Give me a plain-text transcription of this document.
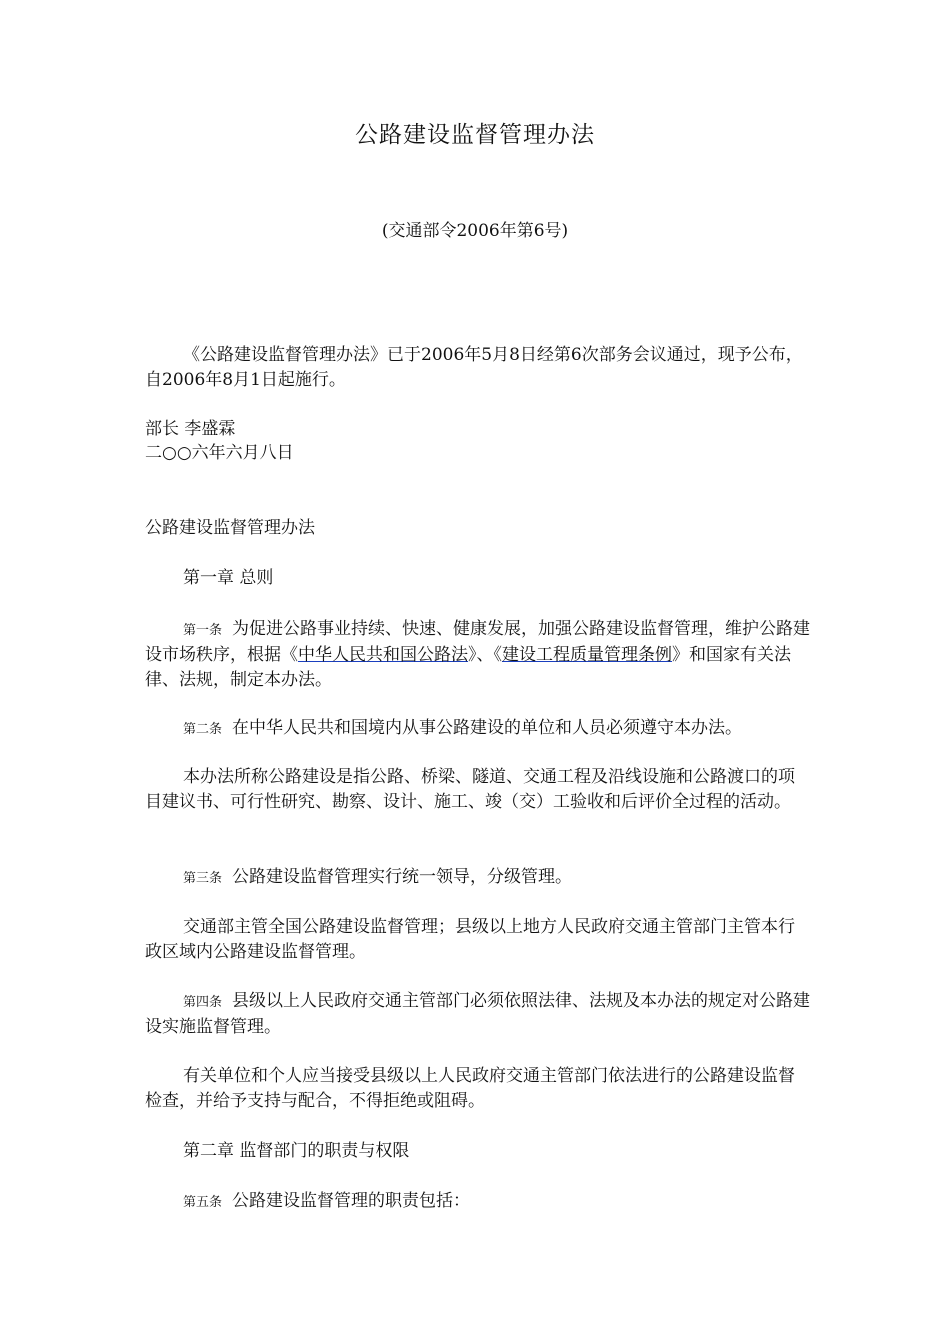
公路建设监督管理办法
(交通部令2006年第6号)

《公路建设监督管理办法》已于2006年5月8日经第6次部务会议通过，现予公布，自2006年8月1日起施行。

部长 李盛霖

二○○六年六月八日

公路建设监督管理办法

第一章 总则

第一条 为促进公路事业持续、快速、健康发展，加强公路建设监督管理，维护公路建设市场秩序，根据《中华人民共和国公路法》、《建设工程质量管理条例》和国家有关法律、法规，制定本办法。

第二条 在中华人民共和国境内从事公路建设的单位和人员必须遵守本办法。

本办法所称公路建设是指公路、桥梁、隧道、交通工程及沿线设施和公路渡口的项目建议书、可行性研究、勘察、设计、施工、竣（交）工验收和后评价全过程的活动。

第三条 公路建设监督管理实行统一领导，分级管理。

交通部主管全国公路建设监督管理；县级以上地方人民政府交通主管部门主管本行政区域内公路建设监督管理。

第四条 县级以上人民政府交通主管部门必须依照法律、法规及本办法的规定对公路建设实施监督管理。

有关单位和个人应当接受县级以上人民政府交通主管部门依法进行的公路建设监督检查，并给予支持与配合，不得拒绝或阻碍。

第二章 监督部门的职责与权限

第五条 公路建设监督管理的职责包括：
